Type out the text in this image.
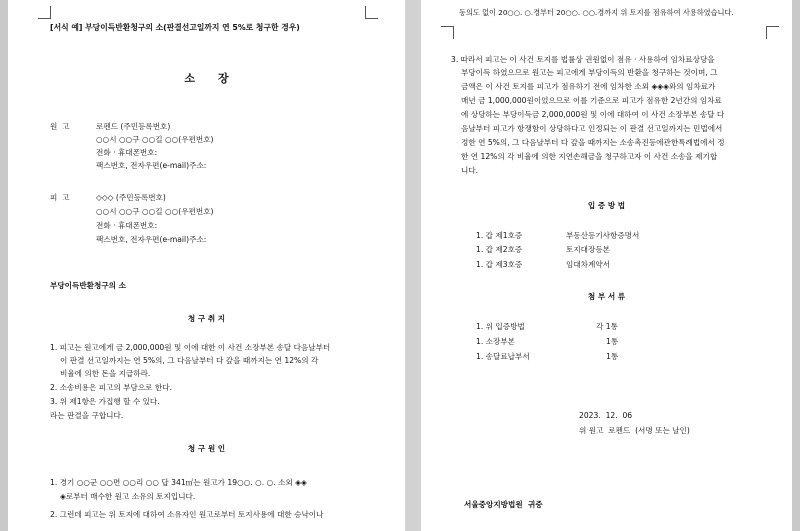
[서식 예] 부당이득반환청구의 소(판결선고일까지 연 5%로 청구한 경우)
소      장
원  고	로펜드 (주민등록번호)
○○시 ○○구 ○○길 ○○(우편번호)
전화 · 휴대폰번호:
팩스번호, 전자우편(e-mail)주소:
피  고	◇◇◇ (주민등록번호)
○○시 ○○구 ○○길 ○○(우편번호)
전화 · 휴대폰번호:
팩스번호, 전자우편(e-mail)주소:
부당이득반환청구의 소
청 구 취 지
1. 피고는 원고에게 금 2,000,000원 및 이에 대한 이 사건 소장부본 송달 다음날부터
이 판결 선고일까지는 연 5%의, 그 다음날부터 다 갚을 때까지는 연 12%의 각
비율에 의한 돈을 지급하라.
2. 소송비용은 피고의 부담으로 한다.
3. 위 제1항은 가집행 할 수 있다.
라는 판결을 구합니다.
청 구 원 인
1. 경기 ○○군 ○○면 ○○리 ○○ 답 341㎡는 원고가 19○○. ○. ○. 소외 ◈◈
◈로부터 매수한 원고 소유의 토지입니다.
2. 그런데 피고는 위 토지에 대하여 소유자인 원고로부터 토지사용에 대한 승낙이나
동의도 없이 20○○. ○.경부터 20○○. ○○.경까지 위 토지를 점유하여 사용하였습니다.
3. 따라서 피고는 이 사건 토지를 법률상 권원없이 점유 · 사용하여 임차료상당을
부당이득 하였으므로 원고는 피고에게 부당이득의 반환을 청구하는 것이며, 그
금액은 이 사건 토지를 피고가 점유하기 전에 임차한 소외 ◈◈◈와의 임차료가
매년 금 1,000,000원이었으므로 이를 기준으로 피고가 점유한 2년간의 임차료
에 상당하는 부당이득금 2,000,000원 및 이에 대하여 이 사건 소장부본 송달 다
음날부터 피고가 항쟁함이 상당하다고 인정되는 이 판결 선고일까지는 민법에서
정한 연 5%의, 그 다음날부터 다 갚을 때까지는 소송촉진등에관한특례법에서 정
한 연 12%의 각 비율에 의한 지연손해금을 청구하고자 이 사건 소송을 제기합
니다.
입 증 방 법
1. 갑 제1호증	부동산등기사항증명서
1. 갑 제2호증	토지대장등본
1. 갑 제3호증	임대차계약서
첨 부 서 류
1. 위 입증방법	각 1통
1. 소장부본	1통
1. 송달료납부서	1통
2023.  12.  06
위 원고  로펜드  (서명 또는 날인)
서울중앙지방법원  귀중
